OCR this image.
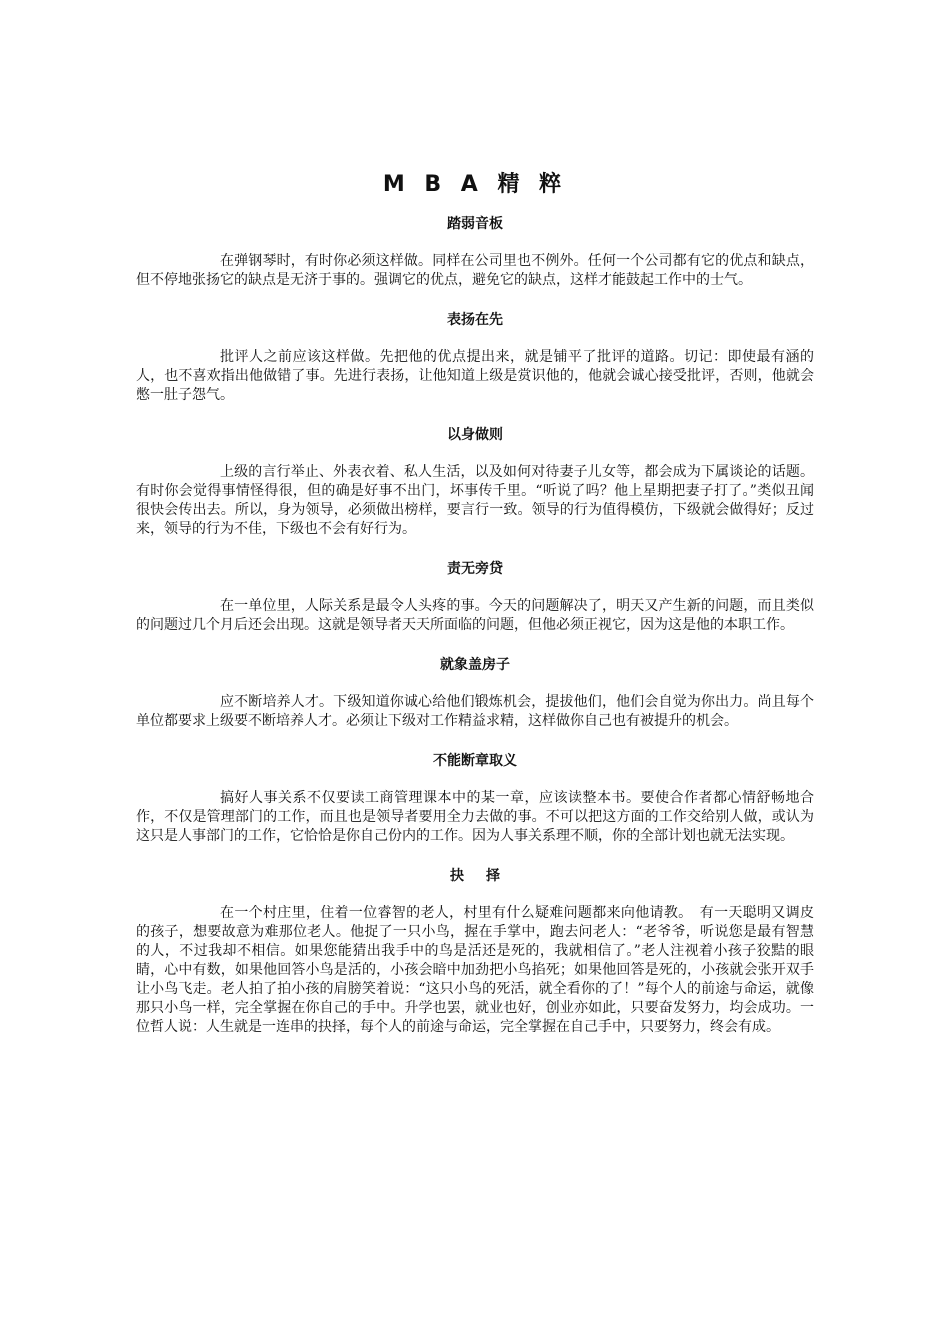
M B A 精 粹
踏弱音板

在弹钢琴时，有时你必须这样做。同样在公司里也不例外。任何一个公司都有它的优点和缺点，但不停地张扬它的缺点是无济于事的。强调它的优点，避免它的缺点，这样才能鼓起工作中的士气。

表扬在先

批评人之前应该这样做。先把他的优点提出来，就是铺平了批评的道路。切记：即使最有涵的人，也不喜欢指出他做错了事。先进行表扬，让他知道上级是赏识他的，他就会诚心接受批评，否则，他就会憋一肚子怨气。

以身做则

上级的言行举止、外表衣着、私人生活，以及如何对待妻子儿女等，都会成为下属谈论的话题。有时你会觉得事情怪得很，但的确是好事不出门，坏事传千里。“听说了吗？他上星期把妻子打了。”类似丑闻很快会传出去。所以，身为领导，必须做出榜样，要言行一致。领导的行为值得模仿，下级就会做得好；反过来，领导的行为不佳，下级也不会有好行为。

责无旁贷

在一单位里，人际关系是最令人头疼的事。今天的问题解决了，明天又产生新的问题，而且类似的问题过几个月后还会出现。这就是领导者天天所面临的问题，但他必须正视它，因为这是他的本职工作。

就象盖房子

应不断培养人才。下级知道你诚心给他们锻炼机会，提拔他们，他们会自觉为你出力。尚且每个单位都要求上级要不断培养人才。必须让下级对工作精益求精，这样做你自己也有被提升的机会。

不能断章取义

搞好人事关系不仅要读工商管理课本中的某一章，应该读整本书。要使合作者都心情舒畅地合作，不仅是管理部门的工作，而且也是领导者要用全力去做的事。不可以把这方面的工作交给别人做，或认为这只是人事部门的工作，它恰恰是你自己份内的工作。因为人事关系理不顺，你的全部计划也就无法实现。

抉择

在一个村庄里，住着一位睿智的老人，村里有什么疑难问题都来向他请教。　有一天聪明又调皮的孩子，想要故意为难那位老人。他捉了一只小鸟，握在手掌中，跑去问老人：“老爷爷，听说您是最有智慧的人，不过我却不相信。如果您能猜出我手中的鸟是活还是死的，我就相信了。”老人注视着小孩子狡黠的眼睛，心中有数，如果他回答小鸟是活的，小孩会暗中加劲把小鸟掐死；如果他回答是死的，小孩就会张开双手让小鸟飞走。老人拍了拍小孩的肩膀笑着说：“这只小鸟的死活，就全看你的了！”每个人的前途与命运，就像那只小鸟一样，完全掌握在你自己的手中。升学也罢，就业也好，创业亦如此，只要奋发努力，均会成功。一位哲人说：人生就是一连串的抉择，每个人的前途与命运，完全掌握在自己手中，只要努力，终会有成。
